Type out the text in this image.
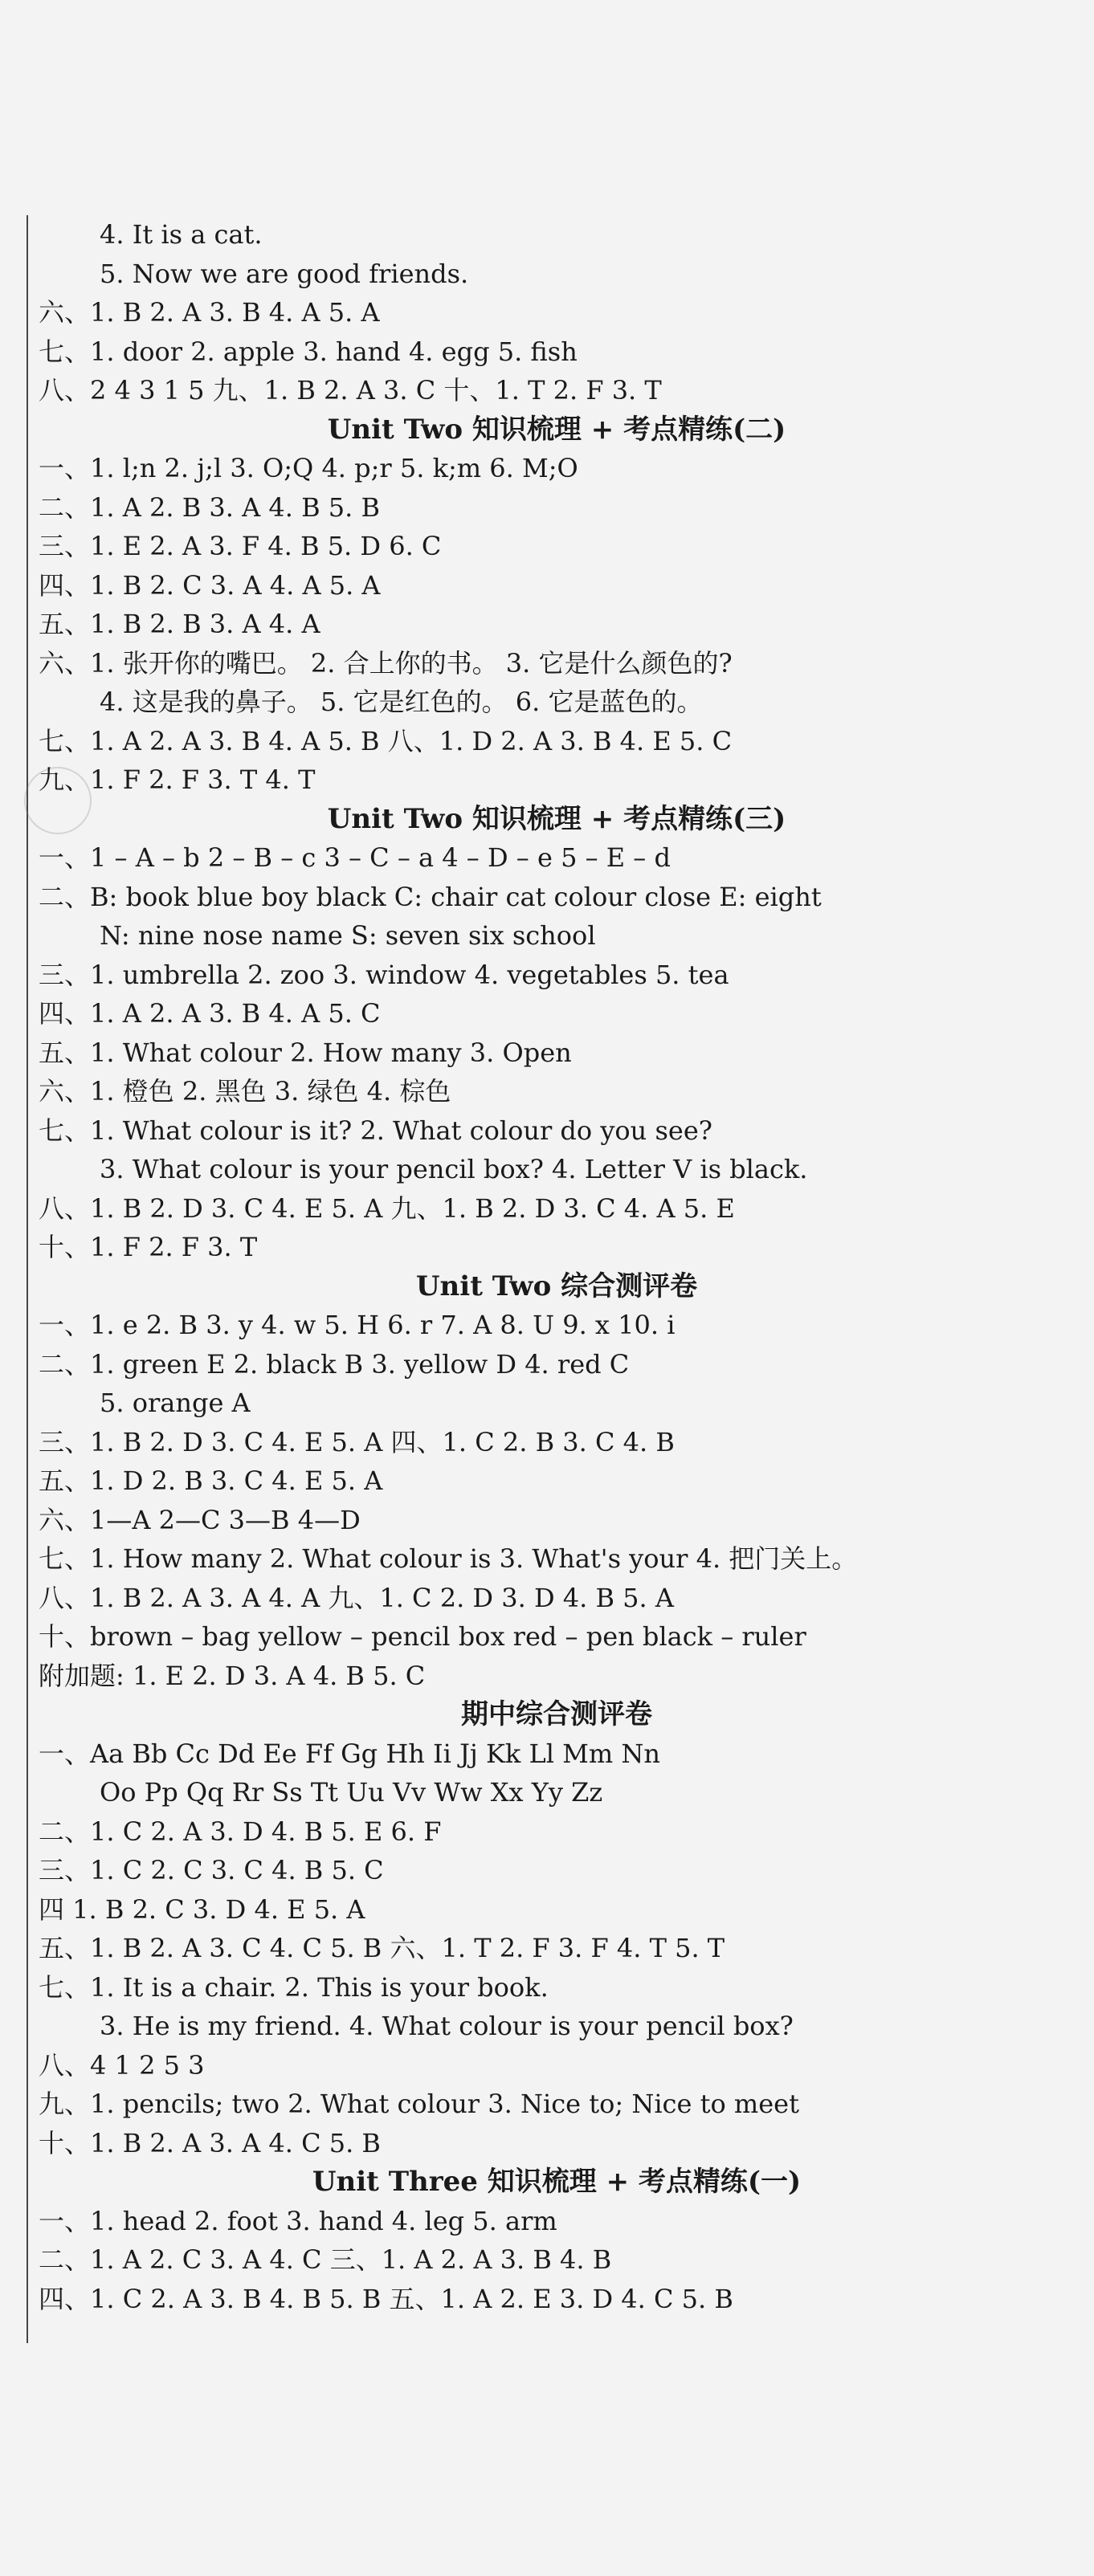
4. It is a cat.
5. Now we are good friends.
六、1. B 2. A 3. B 4. A 5. A
七、1. door 2. apple 3. hand 4. egg 5. fish
八、2 4 3 1 5 九、1. B 2. A 3. C 十、1. T 2. F 3. T
Unit Two 知识梳理 + 考点精练(二)
一、1. l;n 2. j;l 3. O;Q 4. p;r 5. k;m 6. M;O
二、1. A 2. B 3. A 4. B 5. B
三、1. E 2. A 3. F 4. B 5. D 6. C
四、1. B 2. C 3. A 4. A 5. A
五、1. B 2. B 3. A 4. A
六、1. 张开你的嘴巴。 2. 合上你的书。 3. 它是什么颜色的?
4. 这是我的鼻子。 5. 它是红色的。 6. 它是蓝色的。
七、1. A 2. A 3. B 4. A 5. B 八、1. D 2. A 3. B 4. E 5. C
九、1. F 2. F 3. T 4. T
Unit Two 知识梳理 + 考点精练(三)
一、1 – A – b 2 – B – c 3 – C – a 4 – D – e 5 – E – d
二、B: book blue boy black C: chair cat colour close E: eight
N: nine nose name S: seven six school
三、1. umbrella 2. zoo 3. window 4. vegetables 5. tea
四、1. A 2. A 3. B 4. A 5. C
五、1. What colour 2. How many 3. Open
六、1. 橙色 2. 黑色 3. 绿色 4. 棕色
七、1. What colour is it? 2. What colour do you see?
3. What colour is your pencil box? 4. Letter V is black.
八、1. B 2. D 3. C 4. E 5. A 九、1. B 2. D 3. C 4. A 5. E
十、1. F 2. F 3. T
Unit Two 综合测评卷
一、1. e 2. B 3. y 4. w 5. H 6. r 7. A 8. U 9. x 10. i
二、1. green E 2. black B 3. yellow D 4. red C
5. orange A
三、1. B 2. D 3. C 4. E 5. A 四、1. C 2. B 3. C 4. B
五、1. D 2. B 3. C 4. E 5. A
六、1—A 2—C 3—B 4—D
七、1. How many 2. What colour is 3. What's your 4. 把门关上。
八、1. B 2. A 3. A 4. A 九、1. C 2. D 3. D 4. B 5. A
十、brown – bag yellow – pencil box red – pen black – ruler
附加题: 1. E 2. D 3. A 4. B 5. C
期中综合测评卷
一、Aa Bb Cc Dd Ee Ff Gg Hh Ii Jj Kk Ll Mm Nn
Oo Pp Qq Rr Ss Tt Uu Vv Ww Xx Yy Zz
二、1. C 2. A 3. D 4. B 5. E 6. F
三、1. C 2. C 3. C 4. B 5. C
四 1. B 2. C 3. D 4. E 5. A
五、1. B 2. A 3. C 4. C 5. B 六、1. T 2. F 3. F 4. T 5. T
七、1. It is a chair. 2. This is your book.
3. He is my friend. 4. What colour is your pencil box?
八、4 1 2 5 3
九、1. pencils; two 2. What colour 3. Nice to; Nice to meet
十、1. B 2. A 3. A 4. C 5. B
Unit Three 知识梳理 + 考点精练(一)
一、1. head 2. foot 3. hand 4. leg 5. arm
二、1. A 2. C 3. A 4. C 三、1. A 2. A 3. B 4. B
四、1. C 2. A 3. B 4. B 5. B 五、1. A 2. E 3. D 4. C 5. B
